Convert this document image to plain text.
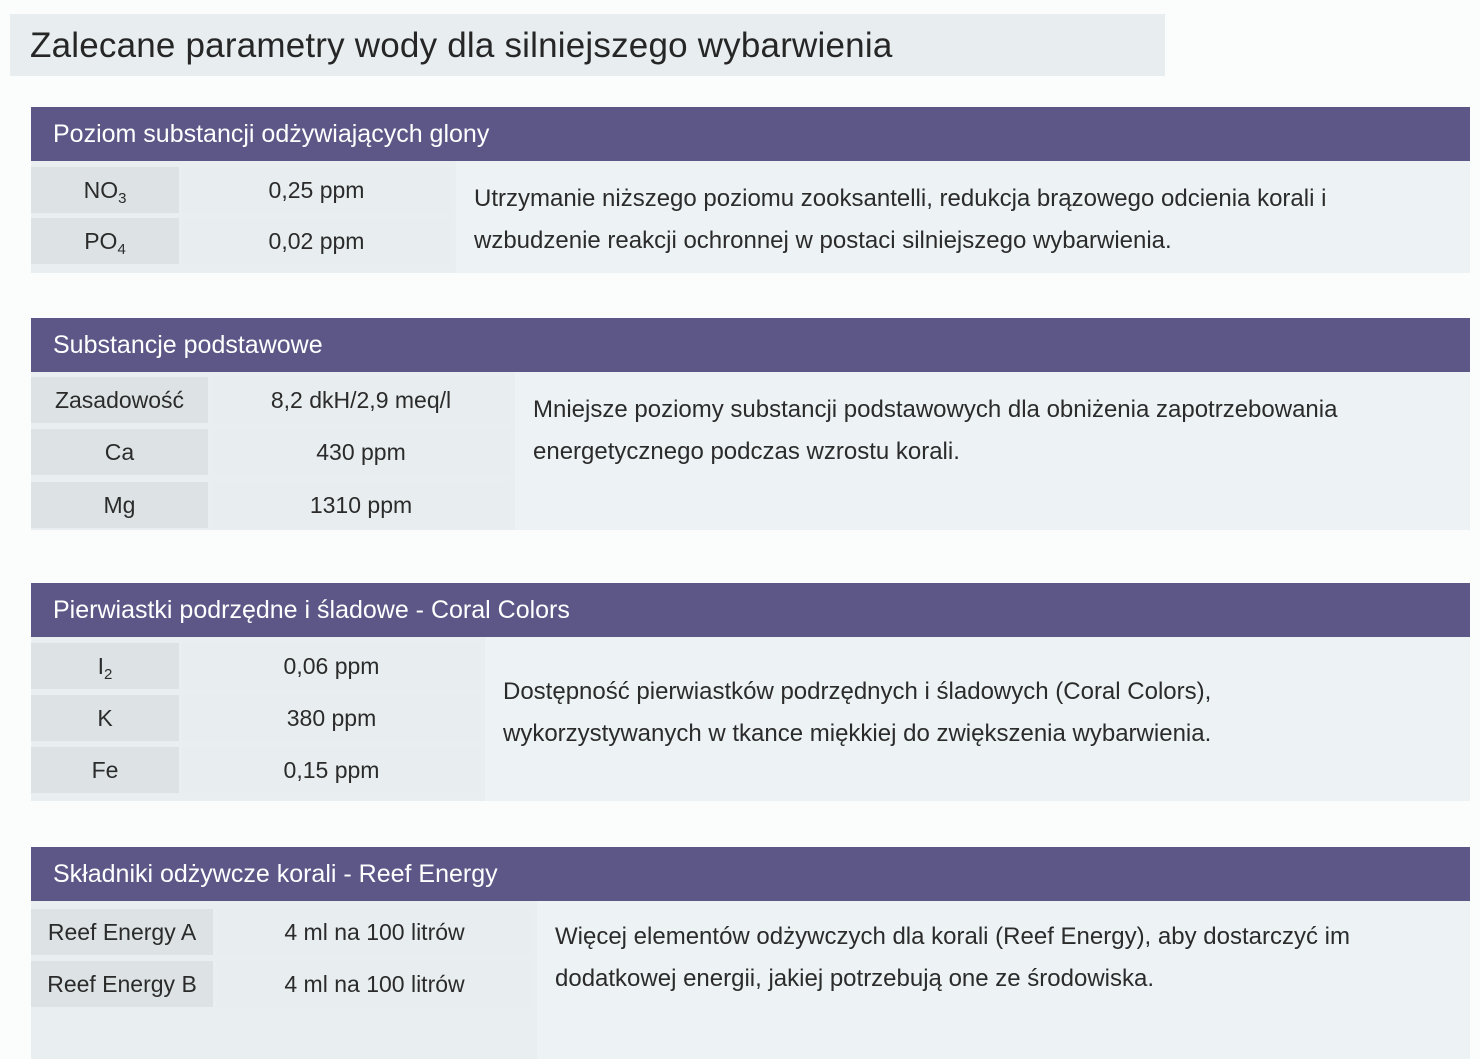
Zalecane parametry wody dla silniejszego wybarwienia
Poziom substancji odżywiających glony
$NO_3$	0,25 ppm
$PO_4$	0,02 ppm
Utrzymanie niższego poziomu zooksantelli, redukcja brązowego odcienia korali i wzbudzenie reakcji ochronnej w postaci silniejszego wybarwienia.
Substancje podstawowe
Zasadowość	8,2 dkH/2,9 meq/l
Ca	430 ppm
Mg	1310 ppm
Mniejsze poziomy substancji podstawowych dla obniżenia zapotrzebowania energetycznego podczas wzrostu korali.
Pierwiastki podrzędne i śladowe - Coral Colors
$I_2$	0,06 ppm
K	380 ppm
Fe	0,15 ppm
Dostępność pierwiastków podrzędnych i śladowych (Coral Colors), wykorzystywanych w tkance miękkiej do zwiększenia wybarwienia.
Składniki odżywcze korali - Reef Energy
Reef Energy A	4 ml na 100 litrów
Reef Energy B	4 ml na 100 litrów
Więcej elementów odżywczych dla korali (Reef Energy), aby dostarczyć im dodatkowej energii, jakiej potrzebują one ze środowiska.
